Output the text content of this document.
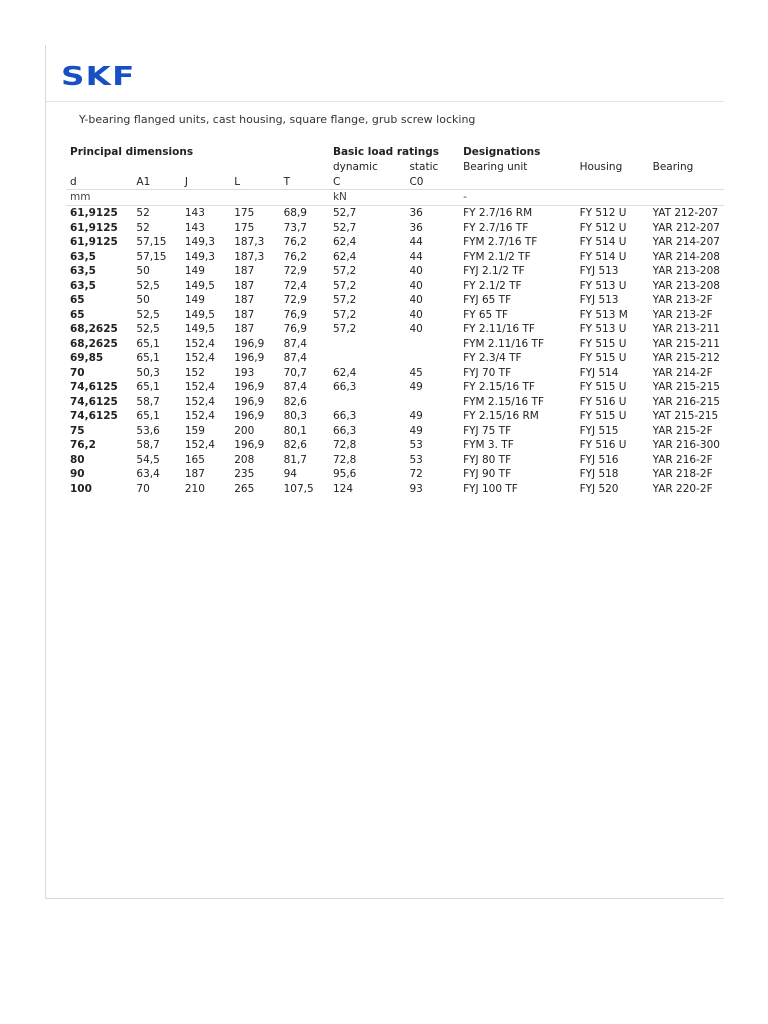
SKF
Y-bearing flanged units, cast housing, square flange, grub screw locking
Principal dimensions					Basic load ratings		Designations		
					dynamic	static	Bearing unit	Housing	Bearing
d	A1	J	L	T	C	C0			
mm					kN		-		
61,9125	52	143	175	68,9	52,7	36	FY 2.7/16 RM	FY 512 U	YAT 212-207
61,9125	52	143	175	73,7	52,7	36	FY 2.7/16 TF	FY 512 U	YAR 212-207
61,9125	57,15	149,3	187,3	76,2	62,4	44	FYM 2.7/16 TF	FY 514 U	YAR 214-207
63,5	57,15	149,3	187,3	76,2	62,4	44	FYM 2.1/2 TF	FY 514 U	YAR 214-208
63,5	50	149	187	72,9	57,2	40	FYJ 2.1/2 TF	FYJ 513	YAR 213-208
63,5	52,5	149,5	187	72,4	57,2	40	FY 2.1/2 TF	FY 513 U	YAR 213-208
65	50	149	187	72,9	57,2	40	FYJ 65 TF	FYJ 513	YAR 213-2F
65	52,5	149,5	187	76,9	57,2	40	FY 65 TF	FY 513 M	YAR 213-2F
68,2625	52,5	149,5	187	76,9	57,2	40	FY 2.11/16 TF	FY 513 U	YAR 213-211
68,2625	65,1	152,4	196,9	87,4			FYM 2.11/16 TF	FY 515 U	YAR 215-211
69,85	65,1	152,4	196,9	87,4			FY 2.3/4 TF	FY 515 U	YAR 215-212
70	50,3	152	193	70,7	62,4	45	FYJ 70 TF	FYJ 514	YAR 214-2F
74,6125	65,1	152,4	196,9	87,4	66,3	49	FY 2.15/16 TF	FY 515 U	YAR 215-215
74,6125	58,7	152,4	196,9	82,6			FYM 2.15/16 TF	FY 516 U	YAR 216-215
74,6125	65,1	152,4	196,9	80,3	66,3	49	FY 2.15/16 RM	FY 515 U	YAT 215-215
75	53,6	159	200	80,1	66,3	49	FYJ 75 TF	FYJ 515	YAR 215-2F
76,2	58,7	152,4	196,9	82,6	72,8	53	FYM 3. TF	FY 516 U	YAR 216-300
80	54,5	165	208	81,7	72,8	53	FYJ 80 TF	FYJ 516	YAR 216-2F
90	63,4	187	235	94	95,6	72	FYJ 90 TF	FYJ 518	YAR 218-2F
100	70	210	265	107,5	124	93	FYJ 100 TF	FYJ 520	YAR 220-2F
